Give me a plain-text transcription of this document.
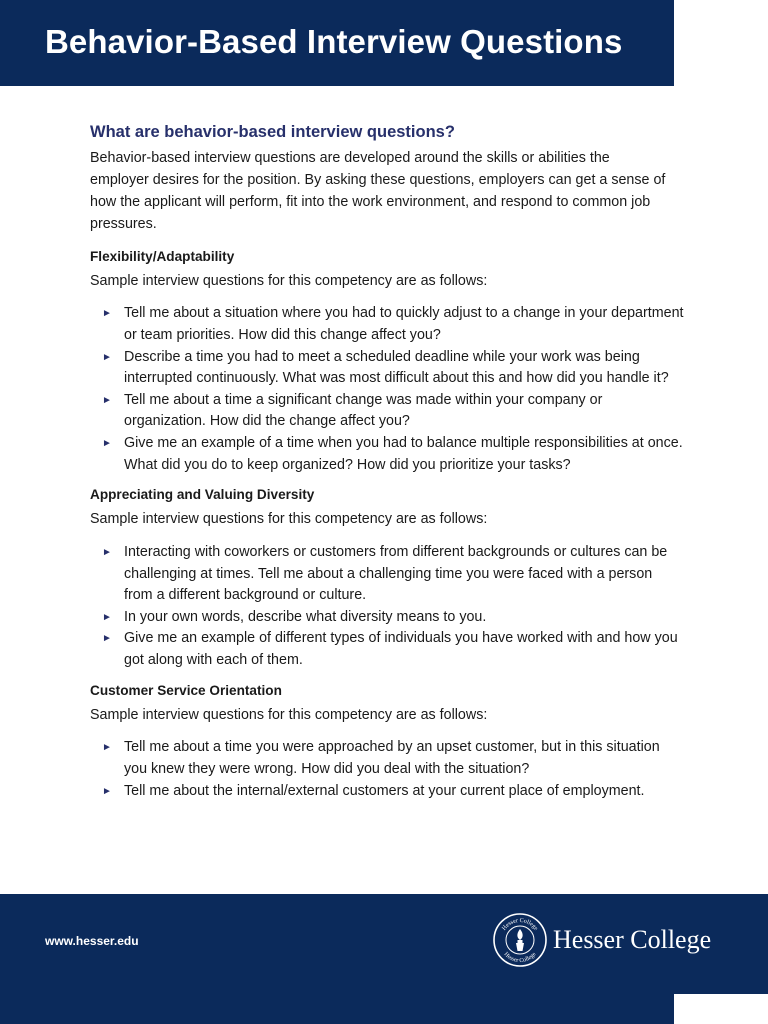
Behavior-Based Interview Questions
What are behavior-based interview questions?

Behavior-based interview questions are developed around the skills or abilities the employer desires for the position. By asking these questions, employers can get a sense of how the applicant will perform, fit into the work environment, and respond to common job pressures.

Flexibility/Adaptability

Sample interview questions for this competency are as follows:

► Tell me about a situation where you had to quickly adjust to a change in your department or team priorities. How did this change affect you?
► Describe a time you had to meet a scheduled deadline while your work was being interrupted continuously. What was most difficult about this and how did you handle it?
► Tell me about a time a significant change was made within your company or organization. How did the change affect you?
► Give me an example of a time when you had to balance multiple responsibilities at once. What did you do to keep organized? How did you prioritize your tasks?
Appreciating and Valuing Diversity

Sample interview questions for this competency are as follows:

► Interacting with coworkers or customers from different backgrounds or cultures can be challenging at times. Tell me about a challenging time you were faced with a person from a different background or culture.
► In your own words, describe what diversity means to you.
► Give me an example of different types of individuals you have worked with and how you got along with each of them.
Customer Service Orientation

Sample interview questions for this competency are as follows:

► Tell me about a time you were approached by an upset customer, but in this situation you knew they were wrong. How did you deal with the situation?
► Tell me about the internal/external customers at your current place of employment.
www.hesser.edu
Hesser College
Hesser College
Hesser College
